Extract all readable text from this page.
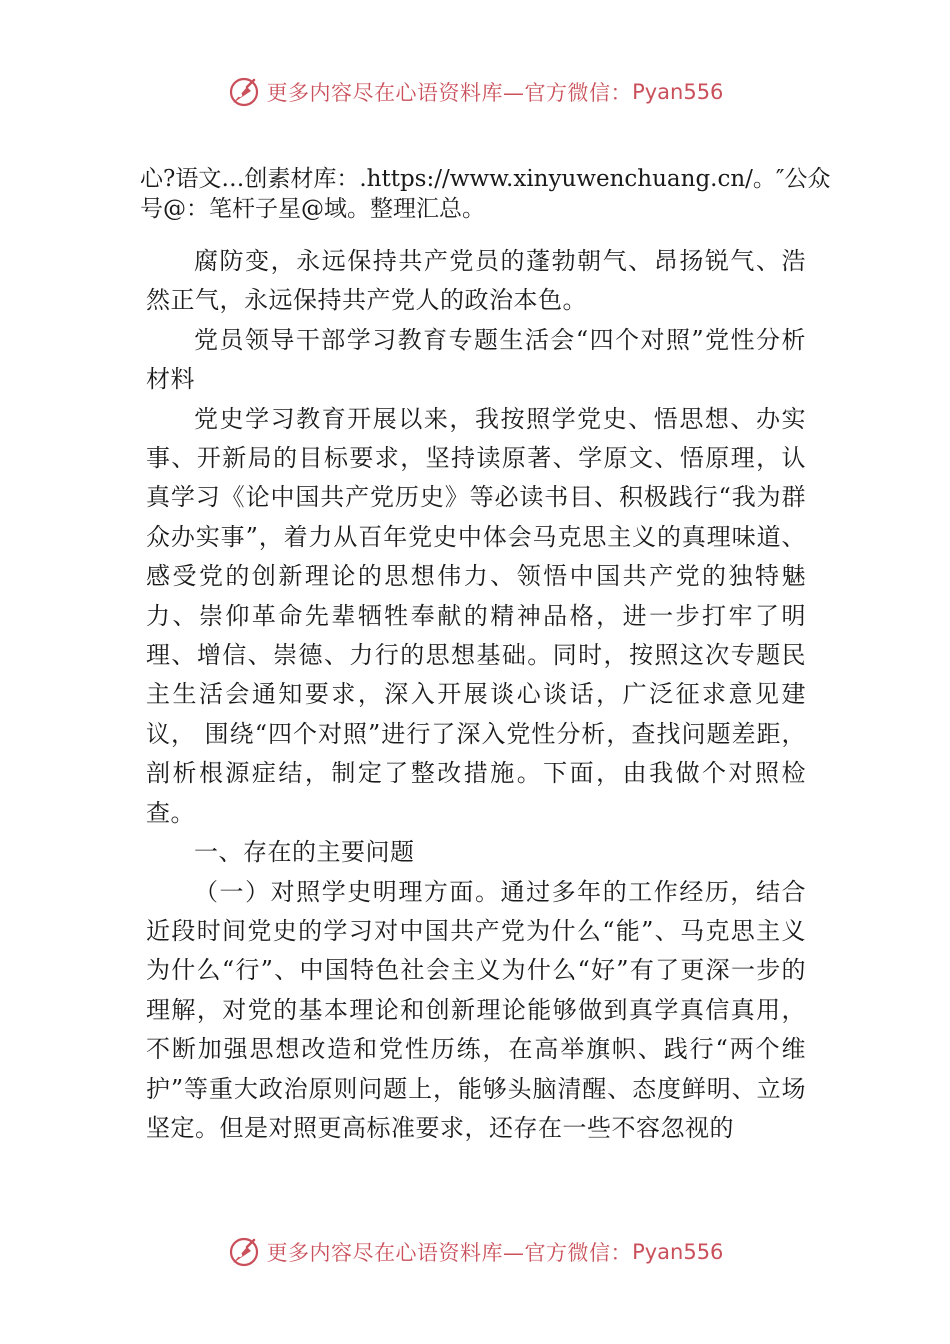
更多内容尽在心语资料库—官方微信： Pyan556
心?语文…创素材库：.https://www.xinyuwenchuang.cn/。″公众号@：笔杆子星@域。整理汇总。

腐防变，永远保持共产党员的蓬勃朝气、昂扬锐气、浩然正气，永远保持共产党人的政治本色。

党员领导干部学习教育专题生活会“四个对照”党性分析材料

党史学习教育开展以来，我按照学党史、悟思想、办实事、开新局的目标要求，坚持读原著、学原文、悟原理，认真学习《论中国共产党历史》等必读书目、积极践行“我为群众办实事”，着力从百年党史中体会马克思主义的真理味道、感受党的创新理论的思想伟力、领悟中国共产党的独特魅力、崇仰革命先辈牺牲奉献的精神品格，进一步打牢了明理、增信、崇德、力行的思想基础。同时，按照这次专题民主生活会通知要求，深入开展谈心谈话，广泛征求意见建议， 围绕“四个对照”进行了深入党性分析，查找问题差距，剖析根源症结，制定了整改措施。下面，由我做个对照检查。

一、存在的主要问题

（一）对照学史明理方面。通过多年的工作经历，结合近段时间党史的学习对中国共产党为什么“能”、马克思主义为什么“行”、中国特色社会主义为什么“好”有了更深一步的理解，对党的基本理论和创新理论能够做到真学真信真用，不断加强思想改造和党性历练，在高举旗帜、践行“两个维护”等重大政治原则问题上，能够头脑清醒、态度鲜明、立场坚定。但是对照更高标准要求，还存在一些不容忽视的

更多内容尽在心语资料库—官方微信： Pyan556
